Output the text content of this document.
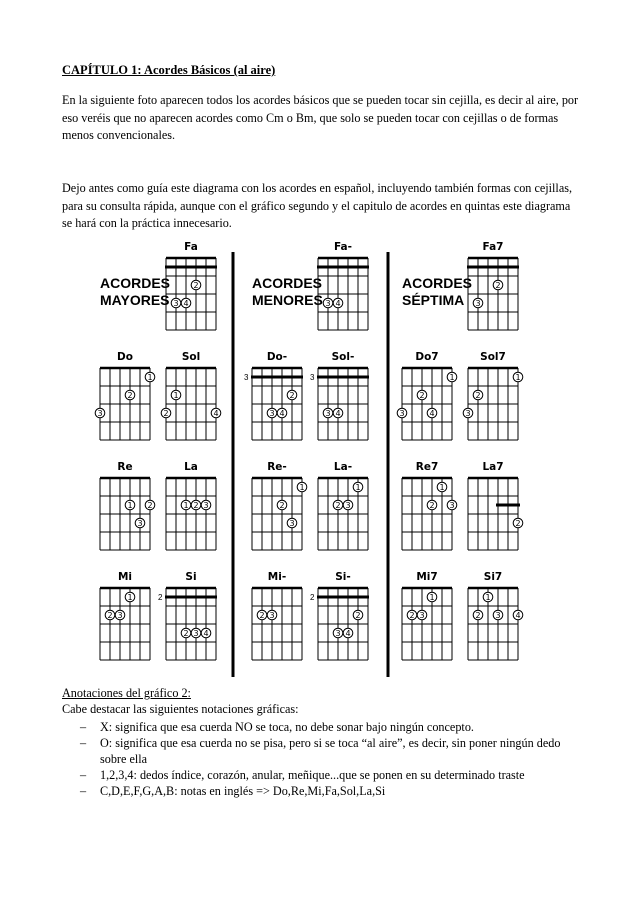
CAPÍTULO 1: Acordes Básicos (al aire)
En la siguiente foto aparecen todos los acordes básicos que se pueden tocar sin cejilla, es decir al aire, por eso veréis que no aparecen acordes como Cm o Bm, que solo se pueden tocar con cejillas o de formas menos convencionales.
Dejo antes como guía este diagrama con los acordes en español, incluyendo también formas con cejillas, para su consulta rápida, aunque con el gráfico segundo y el capitulo de acordes en quintas este diagrama se hará con la práctica innecesario.
Anotaciones del gráfico 2:
Cabe destacar las siguientes notaciones gráficas:
– X: significa que esa cuerda NO se toca, no debe sonar bajo ningún concepto.
– O: significa que esa cuerda no se pisa, pero si se toca “al aire”, es decir, sin poner ningún dedo sobre ella
– 1,2,3,4: dedos índice, corazón, anular, meñique...que se ponen en su determinado traste
– C,D,E,F,G,A,B: notas en inglés => Do,Re,Mi,Fa,Sol,La,Si
ACORDES
MAYORES
ACORDES
MENORES
ACORDES
SÉPTIMA
Fa
2
3 4
Fa-
3 4
Fa7
2
3
Do
1
2
3
Sol
1
2	4
Do-
3
2
3 4
Sol-
3
3 4
Do7
1
2
3	4
Sol7
1
2
3
Re
1 2
3
La
1 2 3
Re-
1
2
3
La-
1
2 3
Re7
1
2 3
La7
2
Mi
1
2 3
Si
2
2 3 4
Mi-
2 3
Si-
2
2
3 4
Mi7
1
2 3
Si7
1
2 3 4
